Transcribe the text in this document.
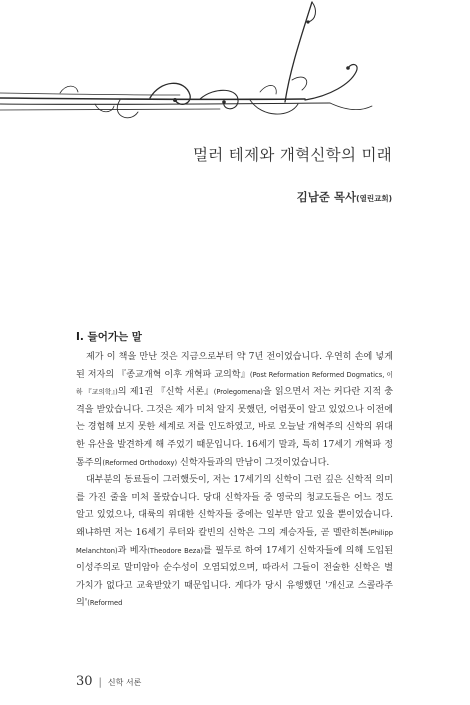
멀러 테제와 개혁신학의 미래
김남준 목사(열린교회)
I. 들어가는 말

제가 이 책을 만난 것은 지금으로부터 약 7년 전이었습니다. 우연히 손에 넣게 된 저자의 『종교개혁 이후 개혁파 교의학』(Post Reformation Reformed Dogmatics, 이하 『교의학』)의 제1권 『신학 서론』(Prolegomena)을 읽으면서 저는 커다란 지적 충격을 받았습니다. 그것은 제가 미처 알지 못했던, 어렴풋이 알고 있었으나 이전에는 경험해 보지 못한 세계로 저를 인도하였고, 바로 오늘날 개혁주의 신학의 위대한 유산을 발견하게 해 주었기 때문입니다. 16세기 말과, 특히 17세기 개혁파 정통주의(Reformed Orthodoxy) 신학자들과의 만남이 그것이었습니다.

대부분의 동료들이 그러했듯이, 저는 17세기의 신학이 그런 깊은 신학적 의미를 가진 줄을 미처 몰랐습니다. 당대 신학자들 중 영국의 청교도들은 어느 정도 알고 있었으나, 대륙의 위대한 신학자들 중에는 일부만 알고 있을 뿐이었습니다. 왜냐하면 저는 16세기 루터와 칼빈의 신학은 그의 계승자들, 곧 멜란히톤(Philipp Melanchton)과 베자(Theodore Beza)를 필두로 하여 17세기 신학자들에 의해 도입된 이성주의로 말미암아 순수성이 오염되었으며, 따라서 그들이 전술한 신학은 별 가치가 없다고 교육받았기 때문입니다. 게다가 당시 유행했던 '개신교 스콜라주의'(Reformed

30 | 신학 서론
